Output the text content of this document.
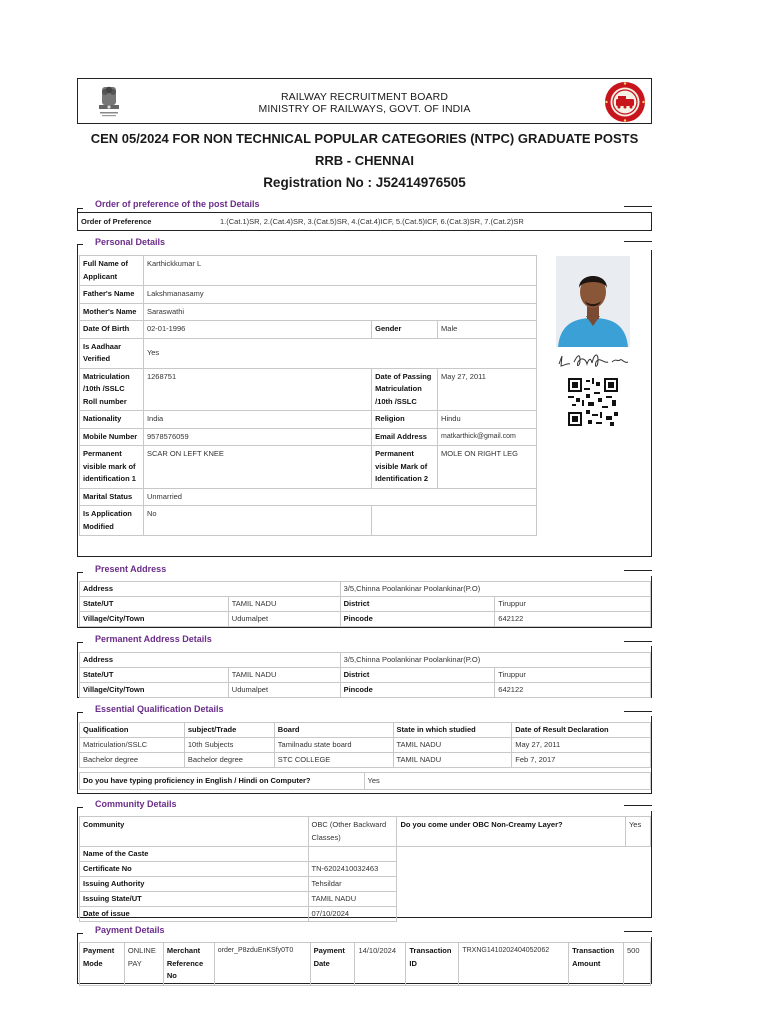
RAILWAY RECRUITMENT BOARD
MINISTRY OF RAILWAYS, GOVT. OF INDIA
CEN 05/2024 FOR NON TECHNICAL POPULAR CATEGORIES (NTPC) GRADUATE POSTS
RRB - CHENNAI
Registration No : J52414976505
Order of preference of the post Details
Order of Preference	1.(Cat.1)SR, 2.(Cat.4)SR, 3.(Cat.5)SR, 4.(Cat.4)ICF, 5.(Cat.5)ICF, 6.(Cat.3)SR, 7.(Cat.2)SR
Personal Details
Full Name of Applicant	Karthickkumar L		
Father's Name	Lakshmanasamy		
Mother's Name	Saraswathi		
Date Of Birth	02-01-1996	Gender	Male
Is Aadhaar Verified	Yes		
Matriculation /10th /SSLC Roll number	1268751	Date of Passing Matriculation /10th /SSLC	May 27, 2011
Nationality	India	Religion	Hindu
Mobile Number	9578576059	Email Address	matkarthick@gmail.com
Permanent visible mark of identification 1	SCAR ON LEFT KNEE	Permanent visible Mark of Identification 2	MOLE ON RIGHT LEG
Marital Status	Unmarried		
Is Application Modified	No		
Present Address
Address		3/5,Chinna Poolankinar Poolankinar(P.O)	
State/UT	TAMIL NADU	District	Tiruppur
Village/City/Town	Udumalpet	Pincode	642122
Permanent Address Details
Address		3/5,Chinna Poolankinar Poolankinar(P.O)	
State/UT	TAMIL NADU	District	Tiruppur
Village/City/Town	Udumalpet	Pincode	642122
Essential Qualification Details
Qualification	subject/Trade	Board	State in which studied	Date of Result Declaration
Matriculation/SSLC	10th Subjects	Tamilnadu state board	TAMIL NADU	May 27, 2011
Bachelor degree	Bachelor degree	STC COLLEGE	TAMIL NADU	Feb 7, 2017
Do you have typing proficiency in English / Hindi on Computer?	Yes
Community Details
Community	OBC (Other Backward Classes)	Do you come under OBC Non-Creamy Layer?	Yes
Name of the Caste			
Certificate No	TN-6202410032463		
Issuing Authority	Tehsildar		
Issuing State/UT	TAMIL NADU		
Date of issue	07/10/2024		
Payment Details
Payment Mode	ONLINE PAY	Merchant Reference No	order_P8zduEnKSfy0T0	Payment Date	14/10/2024	Transaction ID	TRXNG1410202404052062	Transaction Amount	500
